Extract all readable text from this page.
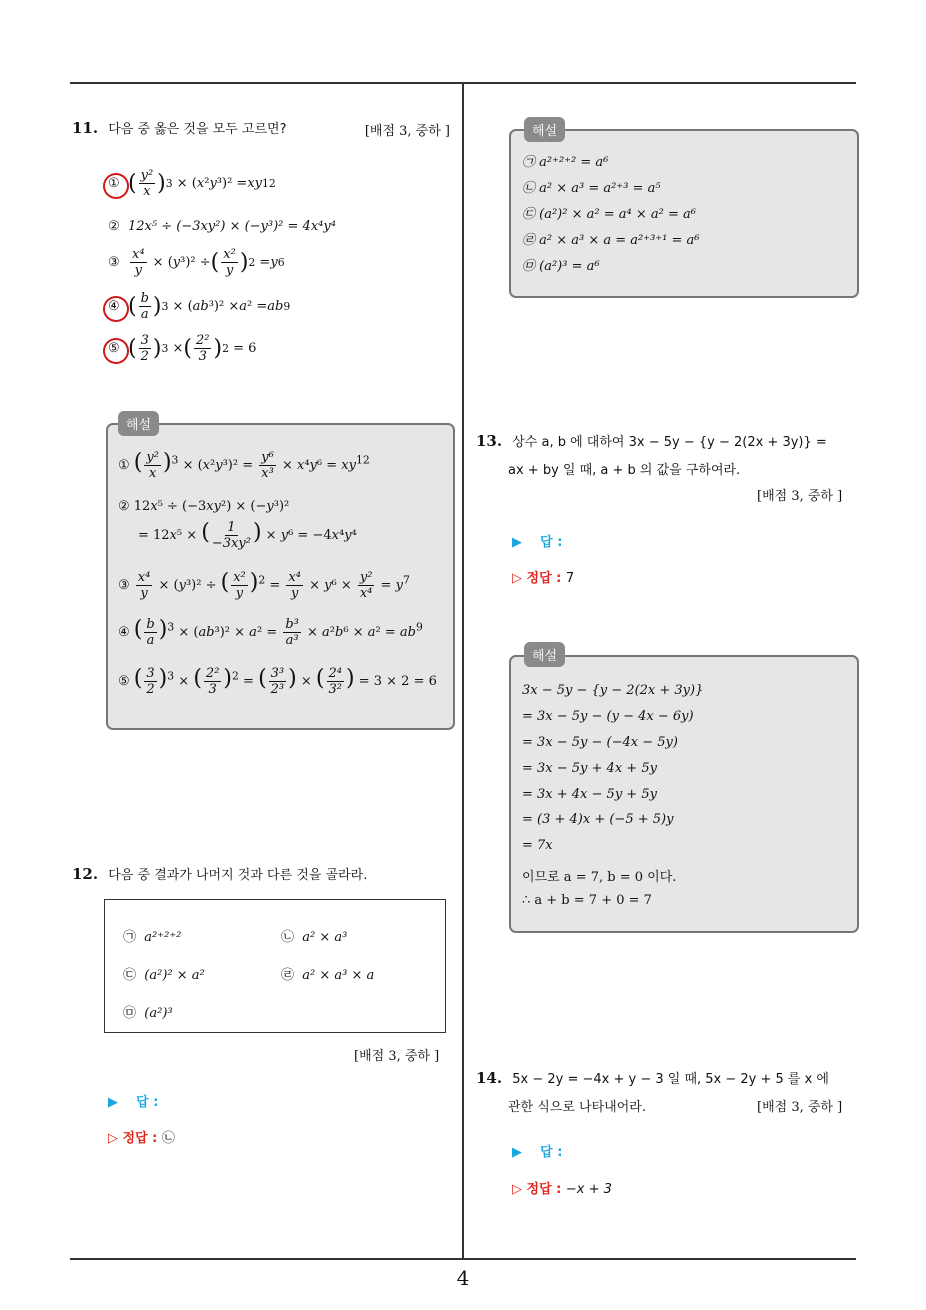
11. 다음 중 옳은 것을 모두 고르면?	[배점 3, 중하 ]
① ( $\frac{\text{y²}}{x}$ ) 3 × ( x ² y ³)² = xy 12
② 12x⁵ ÷ (−3xy²) × (−y³)² = 4x⁴y⁴
③ $\frac{\text{x⁴}}{y}$ × ( y ³)² ÷ ( $\frac{\text{x²}}{y}$ ) 2 = y 6
④ ( $\frac{b}{a}$ ) 3 × ( ab ³)² × a ² = ab 9
⑤ ( $\frac{3}{2}$ ) 3 × ( $\frac{\text{2²}}{3}$ ) 2 = 6
해설
① ( $\frac{\text{y²}}{x} )^3 \times (x^2y^3)^2 = \frac{\text{y⁶}}{\text{x³}} \times x^4y^6 = xy^{12}$
② 12x⁵ ÷ (−3xy²) × (−y³)²
= 12x⁵ × ( $\frac{1}{\text{−3xy²}}$ ) × y⁶ = −4x⁴y⁴
③ $\frac{\text{x⁴}}{y} \times (y^3)^2$ ÷ ( $\frac{\text{x²}}{y} )^2 = \frac{\text{x⁴}}{y} \times y^6 \times \frac{\text{y²}}{\text{x⁴}} = y^7$
④ ( $\frac{b}{a} )^3 \times (ab^3)^2 \times a^2 = \frac{\text{b³}}{\text{a³}} \times a^2b^6 \times a^2 = ab^9$
⑤ ( $\frac{3}{2} )^3$ × ( $\frac{\text{2²}}{3} )^2$ = ( $\frac{\text{3³}}{\text{2³}}$ ) × ( $\frac{\text{2⁴}}{\text{3²}}$ ) = 3 × 2 = 6
12. 다음 중 결과가 나머지 것과 다른 것을 골라라.
㉠ a²⁺²⁺²	㉡ a² × a³
㉢ (a²)² × a²	㉣ a² × a³ × a
㉤ (a²)³
[배점 3, 중하 ]
▶ 답 :
▷ 정답 : ㉡
해설
㉠ a²⁺²⁺² = a⁶
㉡ a² × a³ = a²⁺³ = a⁵
㉢ (a²)² × a² = a⁴ × a² = a⁶
㉣ a² × a³ × a = a²⁺³⁺¹ = a⁶
㉤ (a²)³ = a⁶
13. 상수 a, b 에 대하여 3x − 5y − {y − 2(2x + 3y)} =
ax + by 일 때, a + b 의 값을 구하여라.
[배점 3, 중하 ]
▶ 답 :
▷ 정답 : 7
해설
3x − 5y − {y − 2(2x + 3y)}
= 3x − 5y − (y − 4x − 6y)
= 3x − 5y − (−4x − 5y)
= 3x − 5y + 4x + 5y
= 3x + 4x − 5y + 5y
= (3 + 4)x + (−5 + 5)y
= 7x
이므로 a = 7, b = 0 이다.
∴ a + b = 7 + 0 = 7
14. 5x − 2y = −4x + y − 3 일 때, 5x − 2y + 5 를 x 에
관한 식으로 나타내어라.	[배점 3, 중하 ]
▶ 답 :
▷ 정답 : −x + 3
4
